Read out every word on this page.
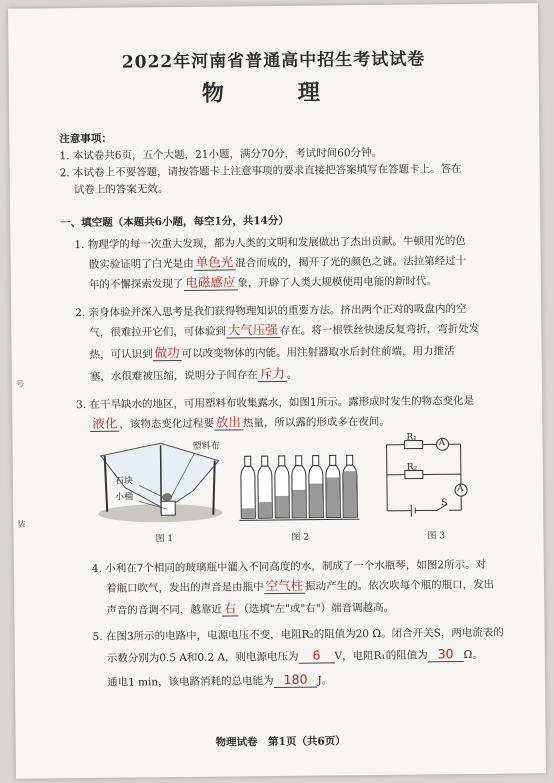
2022年河南省普通高中招生考试试卷
物　理
注意事项：
1. 本试卷共6页，五个大题，21小题，满分70分，考试时间60分钟。
2. 本试卷上不要答题，请按答题卡上注意事项的要求直接把答案填写在答题卡上。答在
试卷上的答案无效。
一、填空题（本题共6小题，每空1分，共14分）
1. 物理学的每一次重大发现，都为人类的文明和发展做出了杰出贡献。牛顿用光的色
散实验证明了白光是由 单色光 混合而成的，揭开了光的颜色之谜。法拉第经过十
年的不懈探索发现了 电磁感应 象，开辟了人类大规模使用电能的新时代。
2. 亲身体验并深入思考是我们获得物理知识的重要方法。挤出两个正对的吸盘内的空
气，很难拉开它们，可体验到 大气压强 存在。将一根铁丝快速反复弯折，弯折处发
热，可认识到 做功 可以改变物体的内能。用注射器取水后封住前端，用力推活
塞，水很难被压缩，说明分子间存在 斥力 。
3. 在干旱缺水的地区，可用塑料布收集露水，如图1所示。露形成时发生的物态变化是
液化 ，该物态变化过程要 放出 热量，所以露的形成多在夜间。
塑料布
石块
小桶
图 1	图 2
R₁
R₂
A
A
S
图 3
4. 小利在7个相同的玻璃瓶中灌入不同高度的水，制成了一个水瓶琴，如图2所示。对
着瓶口吹气，发出的声音是由瓶中 空气柱 振动产生的。依次吹每个瓶的瓶口，发出
声音的音调不同，越靠近 右 （选填"左"或"右"）端音调越高。
5. 在图3所示的电路中，电源电压不变，电阻R₂的阻值为20 Ω。闭合开关S，两电流表的
示数分别为0.5 A和0.2 A，则电源电压为 6 V，电阻R₁的阻值为 30 Ω。
通电1 min，该电路消耗的总电能为 180 J。
号
装
物理试卷　第1页（共6页）
